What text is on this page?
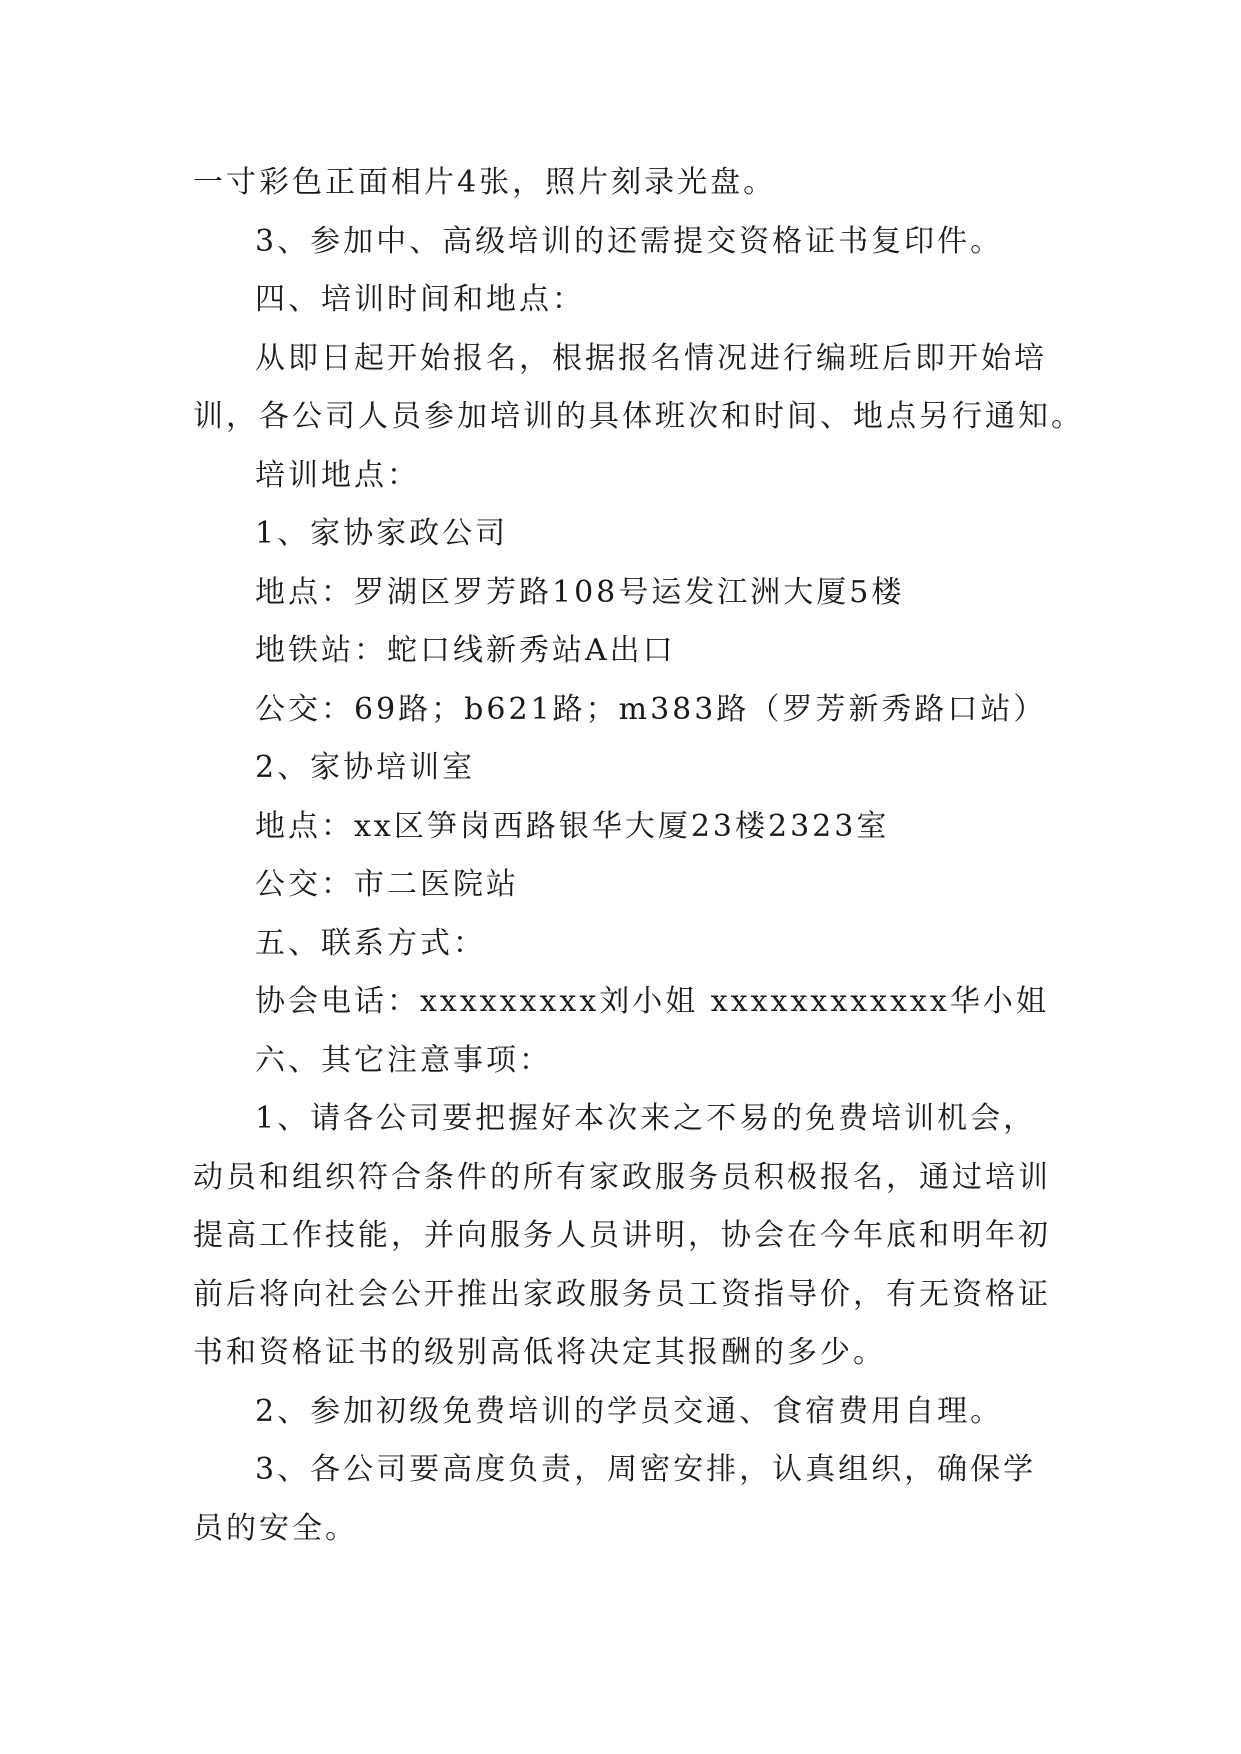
一寸彩色正面相片4张，照片刻录光盘。
3、参加中、高级培训的还需提交资格证书复印件。
四、培训时间和地点：
从即日起开始报名，根据报名情况进行编班后即开始培
训，各公司人员参加培训的具体班次和时间、地点另行通知。
培训地点：
1、家协家政公司
地点：罗湖区罗芳路108号运发江洲大厦5楼
地铁站：蛇口线新秀站A出口
公交：69路；b621路；m383路（罗芳新秀路口站）
2、家协培训室
地点：xx区笋岗西路银华大厦23楼2323室
公交：市二医院站
五、联系方式：
协会电话：xxxxxxxxx刘小姐 xxxxxxxxxxxx华小姐
六、其它注意事项：
1、请各公司要把握好本次来之不易的免费培训机会，
动员和组织符合条件的所有家政服务员积极报名，通过培训
提高工作技能，并向服务人员讲明，协会在今年底和明年初
前后将向社会公开推出家政服务员工资指导价，有无资格证
书和资格证书的级别高低将决定其报酬的多少。
2、参加初级免费培训的学员交通、食宿费用自理。
3、各公司要高度负责，周密安排，认真组织，确保学
员的安全。
